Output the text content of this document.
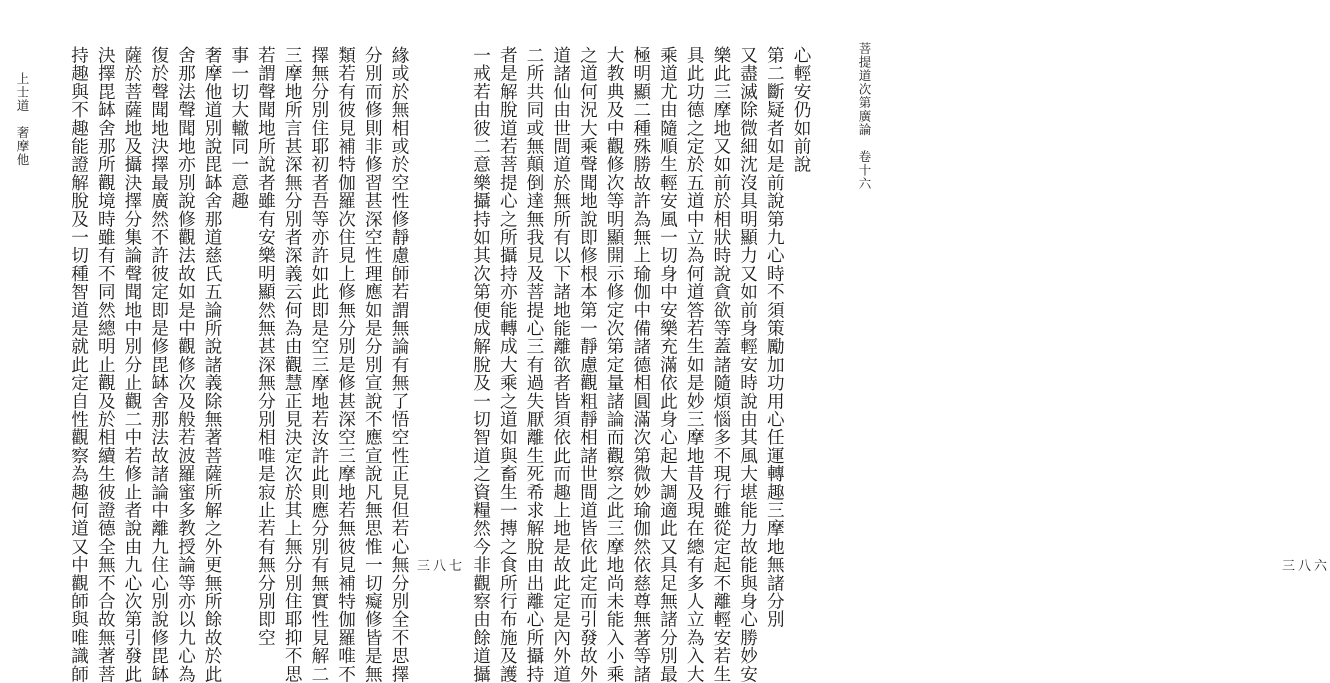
緣或於無相或於空性修靜慮師若謂無論有無了悟空性正見但若心無分別全不思擇
分別而修則非修習甚深空性理應如是分別宣說不應宣說凡無思惟一切癡修皆是無
類若有彼見補特伽羅次住見上修無分別是修甚深空三摩地若無彼見補特伽羅唯不
擇無分別住耶初者吾等亦許如此即是空三摩地若汝許此則應分別有無實性見解二
三摩地所言甚深無分別者深義云何為由觀慧正見決定次於其上無分別住耶抑不思
若謂聲聞地所說者雖有安樂明顯然無甚深無分別相唯是寂止若有無分別即空
事一切大轍同一意趣
奢摩他道別說毘缽舍那道慈氏五論所說諸義除無著菩薩所解之外更無所餘故於此
舍那法聲聞地亦別說修觀法故如是中觀修次及般若波羅蜜多教授論等亦以九心為
復於聲聞地決擇最廣然不許彼定即是修毘缽舍那法故諸論中離九住心別說修毘缽
薩於菩薩地及攝決擇分集論聲聞地中別分止觀二中若修止者說由九心次第引發此
決擇毘缽舍那所觀境時雖有不同然總明止觀及於相續生彼證德全無不合故無著菩
持趣與不趣能證解脫及一切種智道是就此定自性觀察為趣何道又中觀師與唯識師
上士道　奢摩他
三八七
心輕安仍如前說
第二斷疑者如是前說第九心時不須策勵加功用心任運轉趣三摩地無諸分別
又盡滅除微細沈沒具明顯力又如前身輕安時說由其風大堪能力故能與身心勝妙安
樂此三摩地又如前於相狀時說貪欲等蓋諸隨煩惱多不現行雖從定起不離輕安若生
具此功德之定於五道中立為何道答若生如是妙三摩地昔及現在總有多人立為入大
乘道尤由隨順生輕安風一切身中安樂充滿依此身心起大調適此又具足無諸分別最
極明顯二種殊勝故許為無上瑜伽中備諸德相圓滿次第微妙瑜伽然依慈尊無著等諸
大教典及中觀修次等明顯開示修定次第定量諸論而觀察之此三摩地尚未能入小乘
之道何況大乘聲聞地說即修根本第一靜慮觀粗靜相諸世間道皆依此定而引發故外
道諸仙由世間道於無所有以下諸地能離欲者皆須依此而趣上地是故此定是內外道
二所共同或無顛倒達無我見及菩提心三有過失厭離生死希求解脫由出離心所攝持
者是解脫道若菩提心之所攝持亦能轉成大乘之道如與畜生一摶之食所行布施及護
一戒若由彼二意樂攝持如其次第便成解脫及一切智道之資糧然今非觀察由餘道攝	菩提道次第廣論　卷十六
三八六
